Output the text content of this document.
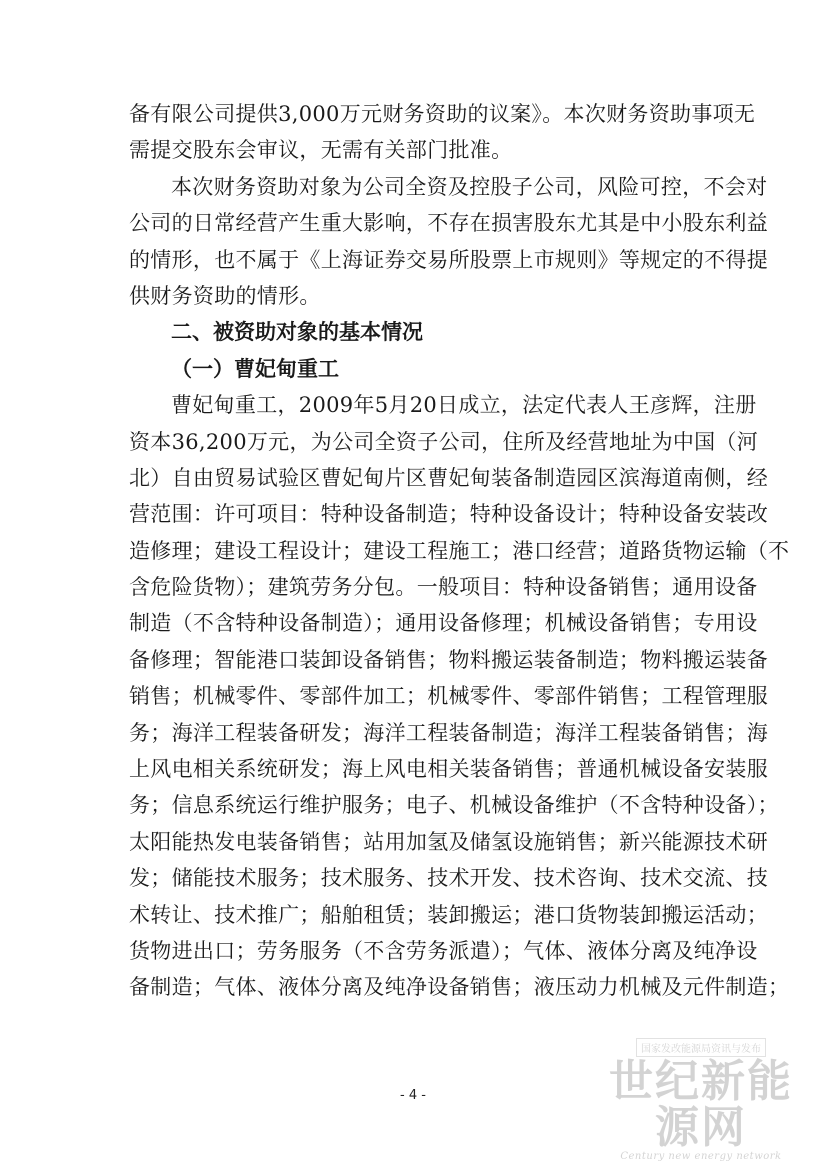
备有限公司提供3,000万元财务资助的议案》。本次财务资助事项无
需提交股东会审议，无需有关部门批准。
本次财务资助对象为公司全资及控股子公司，风险可控，不会对
公司的日常经营产生重大影响，不存在损害股东尤其是中小股东利益
的情形，也不属于《上海证券交易所股票上市规则》等规定的不得提
供财务资助的情形。
二、被资助对象的基本情况
（一）曹妃甸重工
曹妃甸重工，2009年5月20日成立，法定代表人王彦辉，注册
资本36,200万元，为公司全资子公司，住所及经营地址为中国（河
北）自由贸易试验区曹妃甸片区曹妃甸装备制造园区滨海道南侧，经
营范围：许可项目：特种设备制造；特种设备设计；特种设备安装改
造修理；建设工程设计；建设工程施工；港口经营；道路货物运输（不
含危险货物）；建筑劳务分包。一般项目：特种设备销售；通用设备
制造（不含特种设备制造）；通用设备修理；机械设备销售；专用设
备修理；智能港口装卸设备销售；物料搬运装备制造；物料搬运装备
销售；机械零件、零部件加工；机械零件、零部件销售；工程管理服
务；海洋工程装备研发；海洋工程装备制造；海洋工程装备销售；海
上风电相关系统研发；海上风电相关装备销售；普通机械设备安装服
务；信息系统运行维护服务；电子、机械设备维护（不含特种设备）；
太阳能热发电装备销售；站用加氢及储氢设施销售；新兴能源技术研
发；储能技术服务；技术服务、技术开发、技术咨询、技术交流、技
术转让、技术推广；船舶租赁；装卸搬运；港口货物装卸搬运活动；
货物进出口；劳务服务（不含劳务派遣）；气体、液体分离及纯净设
备制造；气体、液体分离及纯净设备销售；液压动力机械及元件制造；
- 4 -
国家发改能源局资讯与发布
世纪新能源网
Century new energy network
